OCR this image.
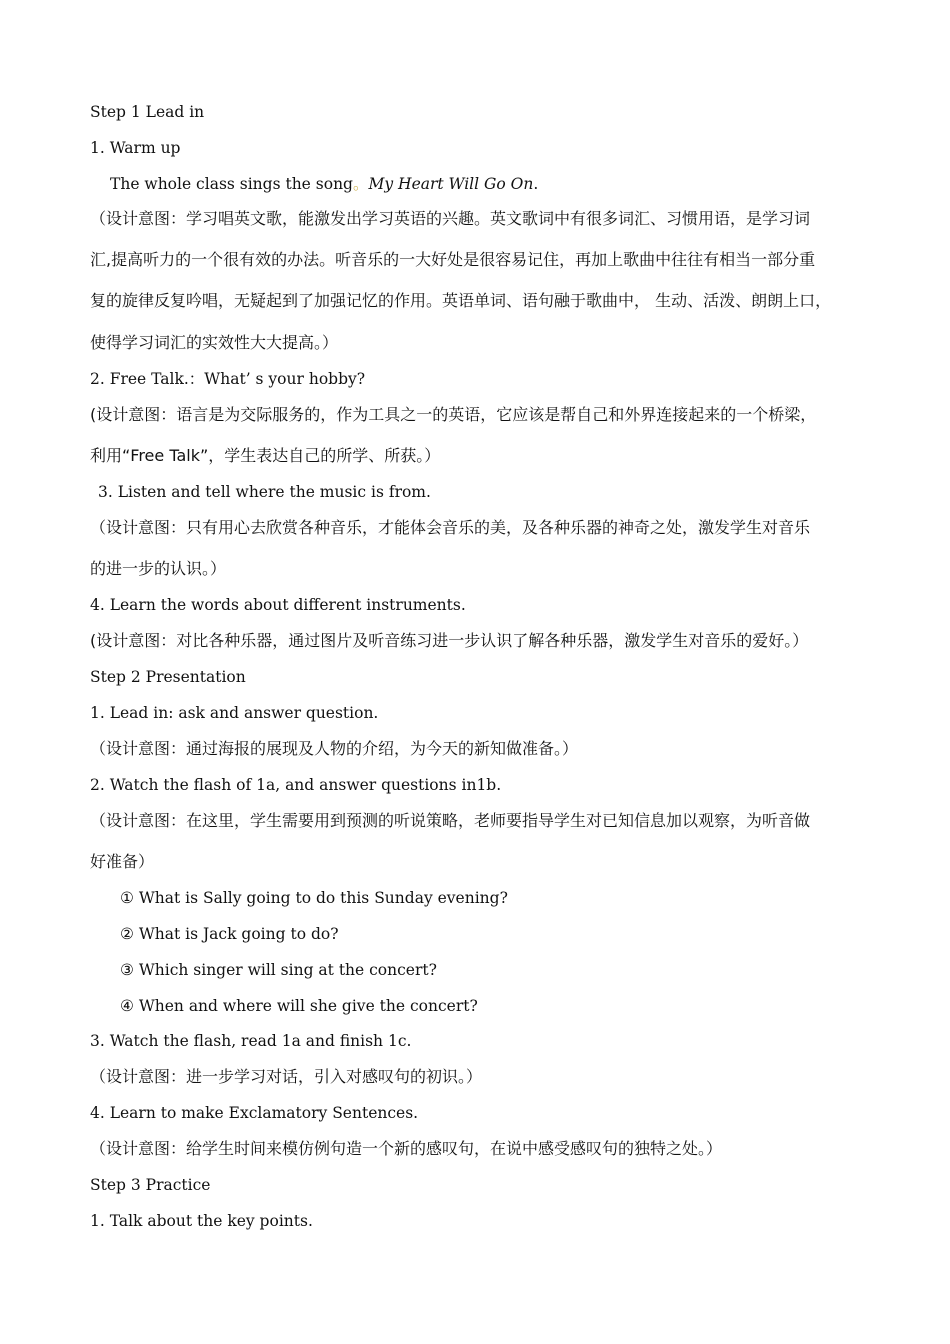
Step 1 Lead in
1. Warm up
The whole class sings the song。My Heart Will Go On.
（设计意图：学习唱英文歌，能激发出学习英语的兴趣。英文歌词中有很多词汇、习惯用语，是学习词
汇,提高听力的一个很有效的办法。听音乐的一大好处是很容易记住，再加上歌曲中往往有相当一部分重
复的旋律反复吟唱，无疑起到了加强记忆的作用。英语单词、语句融于歌曲中， 生动、活泼、朗朗上口，
使得学习词汇的实效性大大提高。）
2. Free Talk.：What’ s your hobby?
(设计意图：语言是为交际服务的，作为工具之一的英语，它应该是帮自己和外界连接起来的一个桥梁，
利用“Free Talk”，学生表达自己的所学、所获。）
3. Listen and tell where the music is from.
（设计意图：只有用心去欣赏各种音乐，才能体会音乐的美，及各种乐器的神奇之处，激发学生对音乐
的进一步的认识。）
4. Learn the words about different instruments.
(设计意图：对比各种乐器，通过图片及听音练习进一步认识了解各种乐器，激发学生对音乐的爱好。）
Step 2 Presentation
1. Lead in: ask and answer question.
（设计意图：通过海报的展现及人物的介绍，为今天的新知做准备。）
2. Watch the flash of 1a, and answer questions in1b.
（设计意图：在这里，学生需要用到预测的听说策略，老师要指导学生对已知信息加以观察，为听音做
好准备）
① What is Sally going to do this Sunday evening?
② What is Jack going to do?
③ Which singer will sing at the concert?
④ When and where will she give the concert?
3. Watch the flash, read 1a and finish 1c.
（设计意图：进一步学习对话，引入对感叹句的初识。）
4. Learn to make Exclamatory Sentences.
（设计意图：给学生时间来模仿例句造一个新的感叹句，在说中感受感叹句的独特之处。）
Step 3 Practice
1. Talk about the key points.
